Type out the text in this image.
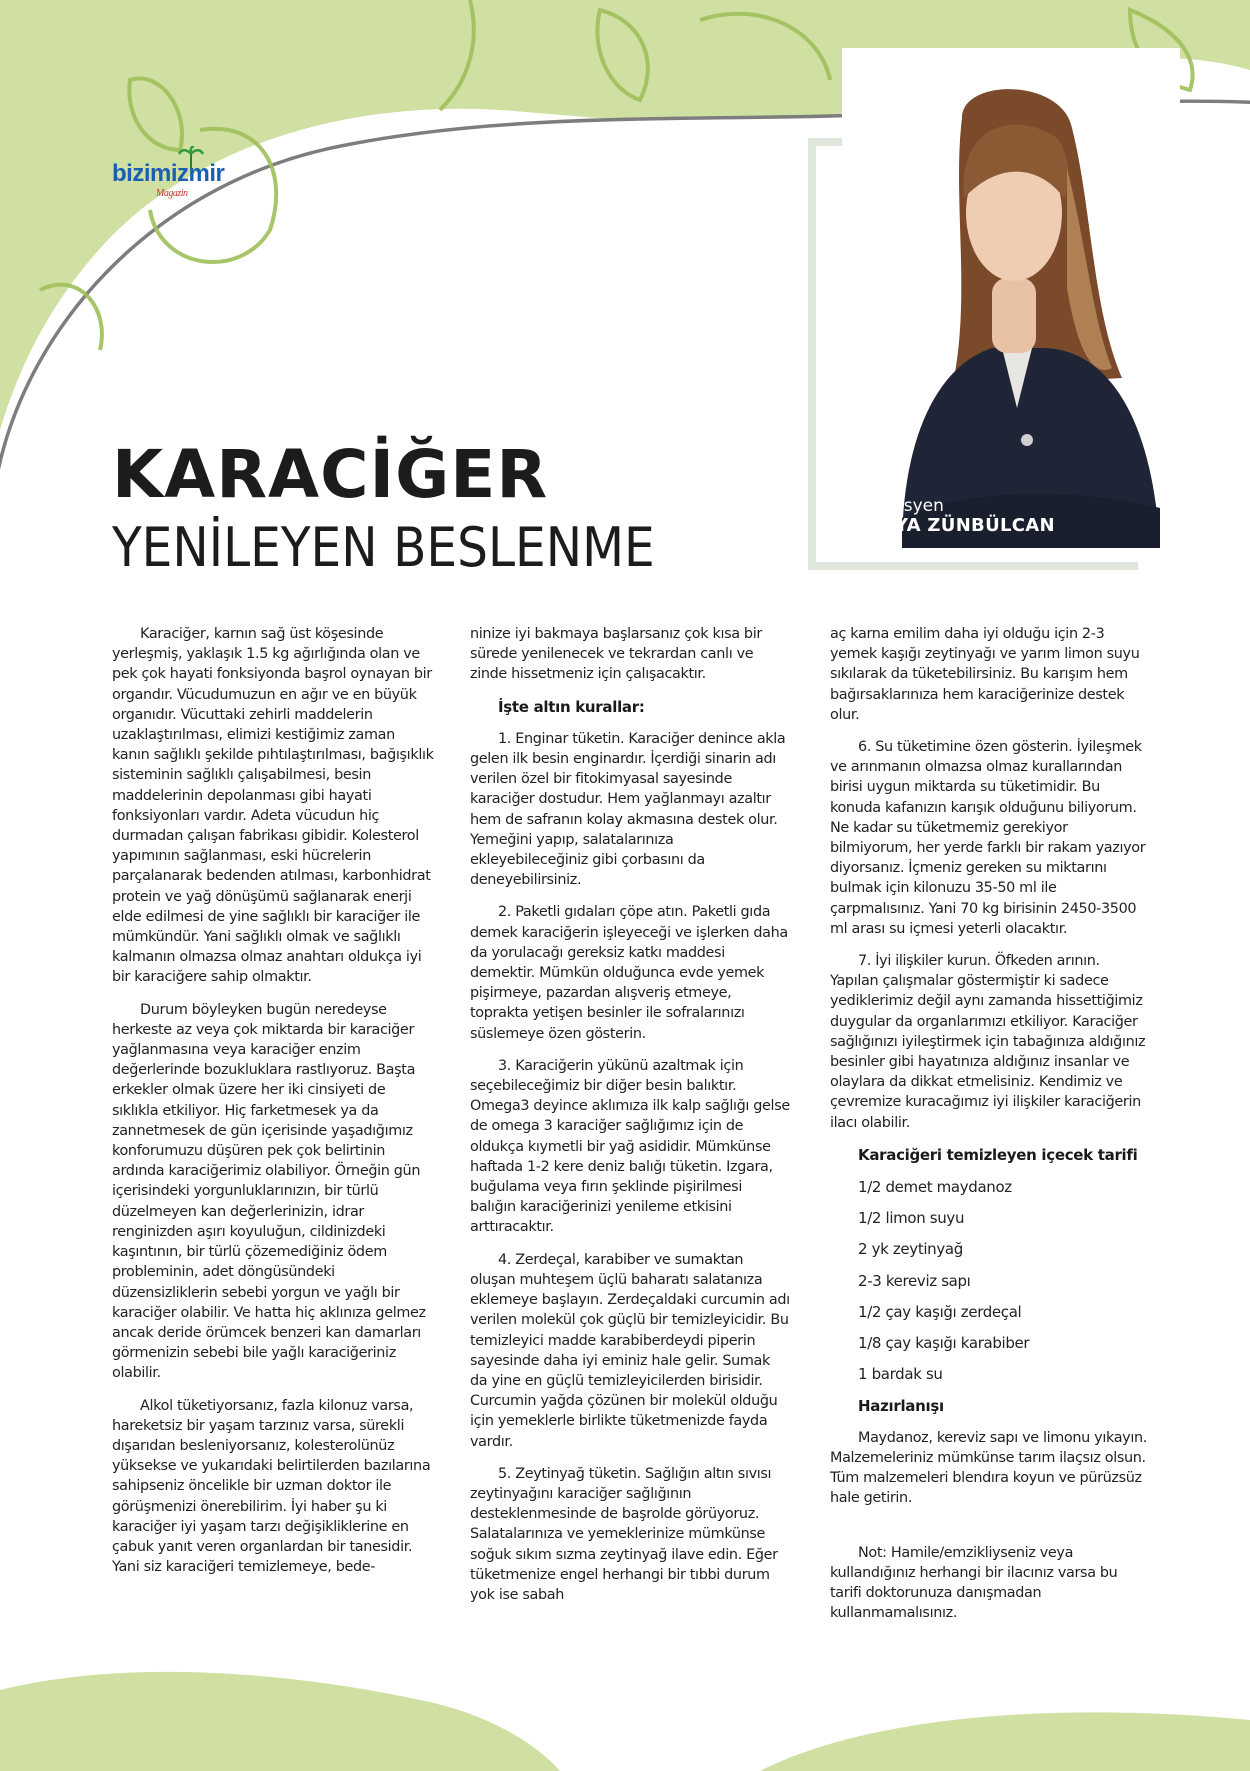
bizimizmir
Magazin
Diyetisyen
DERYA ZÜNBÜLCAN
KARACİĞER
YENİLEYEN BESLENME

Karaciğer, karnın sağ üst köşesinde yerleşmiş, yaklaşık 1.5 kg ağırlığında olan ve pek çok hayati fonksiyonda başrol oynayan bir organdır. Vücudumuzun en ağır ve en büyük organıdır. Vücuttaki zehirli maddelerin uzaklaştırılması, elimizi kestiğimiz zaman kanın sağlıklı şekilde pıhtılaştırılması, bağışıklık sisteminin sağlıklı çalışabilmesi, besin maddelerinin depolanması gibi hayati fonksiyonları vardır. Adeta vücudun hiç durmadan çalışan fabrikası gibidir. Kolesterol yapımının sağlanması, eski hücrelerin parçalanarak bedenden atılması, karbonhidrat protein ve yağ dönüşümü sağlanarak enerji elde edilmesi de yine sağlıklı bir karaciğer ile mümkündür. Yani sağlıklı olmak ve sağlıklı kalmanın olmazsa olmaz anahtarı oldukça iyi bir karaciğere sahip olmaktır.

Durum böyleyken bugün neredeyse herkeste az veya çok miktarda bir karaciğer yağlanmasına veya karaciğer enzim değerlerinde bozukluklara rastlıyoruz. Başta erkekler olmak üzere her iki cinsiyeti de sıklıkla etkiliyor. Hiç farketmesek ya da zannetmesek de gün içerisinde yaşadığımız konforumuzu düşüren pek çok belirtinin ardında karaciğerimiz olabiliyor. Örneğin gün içerisindeki yorgunluklarınızın, bir türlü düzelmeyen kan değerlerinizin, idrar renginizden aşırı koyuluğun, cildinizdeki kaşıntının, bir türlü çözemediğiniz ödem probleminin, adet döngüsündeki düzensizliklerin sebebi yorgun ve yağlı bir karaciğer olabilir. Ve hatta hiç aklınıza gelmez ancak deride örümcek benzeri kan damarları görmenizin sebebi bile yağlı karaciğeriniz olabilir.

Alkol tüketiyorsanız, fazla kilonuz varsa, hareketsiz bir yaşam tarzınız varsa, sürekli dışarıdan besleniyorsanız, kolesterolünüz yüksekse ve yukarıdaki belirtilerden bazılarına sahipseniz öncelikle bir uzman doktor ile görüşmenizi önerebilirim. İyi haber şu ki karaciğer iyi yaşam tarzı değişikliklerine en çabuk yanıt veren organlardan bir tanesidir. Yani siz karaciğeri temizlemeye, bede-

ninize iyi bakmaya başlarsanız çok kısa bir sürede yenilenecek ve tekrardan canlı ve zinde hissetmeniz için çalışacaktır.

İşte altın kurallar:

1. Enginar tüketin. Karaciğer denince akla gelen ilk besin enginardır. İçerdiği sinarin adı verilen özel bir fitokimyasal sayesinde karaciğer dostudur. Hem yağlanmayı azaltır hem de safranın kolay akmasına destek olur. Yemeğini yapıp, salatalarınıza ekleyebileceğiniz gibi çorbasını da deneyebilirsiniz.

2. Paketli gıdaları çöpe atın. Paketli gıda demek karaciğerin işleyeceği ve işlerken daha da yorulacağı gereksiz katkı maddesi demektir. Mümkün olduğunca evde yemek pişirmeye, pazardan alışveriş etmeye, toprakta yetişen besinler ile sofralarınızı süslemeye özen gösterin.

3. Karaciğerin yükünü azaltmak için seçebileceğimiz bir diğer besin balıktır. Omega3 deyince aklımıza ilk kalp sağlığı gelse de omega 3 karaciğer sağlığımız için de oldukça kıymetli bir yağ asididir. Mümkünse haftada 1-2 kere deniz balığı tüketin. Izgara, buğulama veya fırın şeklinde pişirilmesi balığın karaciğerinizi yenileme etkisini arttıracaktır.

4. Zerdeçal, karabiber ve sumaktan oluşan muhteşem üçlü baharatı salatanıza eklemeye başlayın. Zerdeçaldaki curcumin adı verilen molekül çok güçlü bir temizleyicidir. Bu temizleyici madde karabiberdeydi piperin sayesinde daha iyi eminiz hale gelir. Sumak da yine en güçlü temizleyicilerden birisidir. Curcumin yağda çözünen bir molekül olduğu için yemeklerle birlikte tüketmenizde fayda vardır.

5. Zeytinyağ tüketin. Sağlığın altın sıvısı zeytinyağını karaciğer sağlığının desteklenmesinde de başrolde görüyoruz. Salatalarınıza ve yemeklerinize mümkünse soğuk sıkım sızma zeytinyağ ilave edin. Eğer tüketmenize engel herhangi bir tıbbi durum yok ise sabah

aç karna emilim daha iyi olduğu için 2-3 yemek kaşığı zeytinyağı ve yarım limon suyu sıkılarak da tüketebilirsiniz. Bu karışım hem bağırsaklarınıza hem karaciğerinize destek olur.

6. Su tüketimine özen gösterin. İyileşmek ve arınmanın olmazsa olmaz kurallarından birisi uygun miktarda su tüketimidir. Bu konuda kafanızın karışık olduğunu biliyorum. Ne kadar su tüketmemiz gerekiyor bilmiyorum, her yerde farklı bir rakam yazıyor diyorsanız. İçmeniz gereken su miktarını bulmak için kilonuzu 35-50 ml ile çarpmalısınız. Yani 70 kg birisinin 2450-3500 ml arası su içmesi yeterli olacaktır.

7. İyi ilişkiler kurun. Öfkeden arının. Yapılan çalışmalar göstermiştir ki sadece yediklerimiz değil aynı zamanda hissettiğimiz duygular da organlarımızı etkiliyor. Karaciğer sağlığınızı iyileştirmek için tabağınıza aldığınız besinler gibi hayatınıza aldığınız insanlar ve olaylara da dikkat etmelisiniz. Kendimiz ve çevremize kuracağımız iyi ilişkiler karaciğerin ilacı olabilir.

Karaciğeri temizleyen içecek tarifi
1/2 demet maydanoz
1/2 limon suyu
2 yk zeytinyağ
2-3 kereviz sapı
1/2 çay kaşığı zerdeçal
1/8 çay kaşığı karabiber
1 bardak su
Hazırlanışı

Maydanoz, kereviz sapı ve limonu yıkayın. Malzemeleriniz mümkünse tarım ilaçsız olsun. Tüm malzemeleri blendıra koyun ve pürüzsüz hale getirin.

Not: Hamile/emzikliyseniz veya kullandığınız herhangi bir ilacınız varsa bu tarifi doktorunuza danışmadan kullanmamalısınız.
